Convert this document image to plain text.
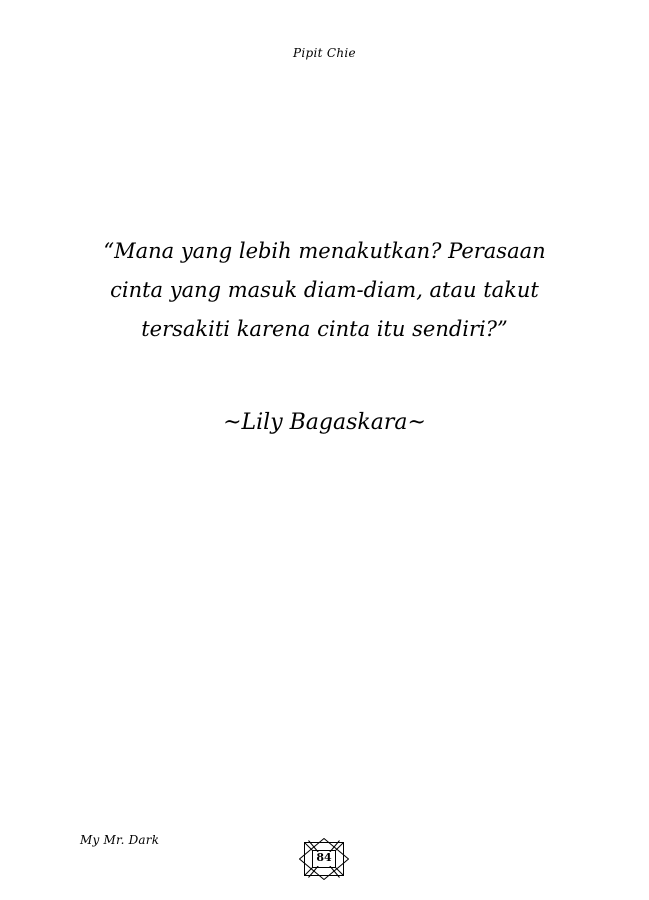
Pipit Chie
“Mana yang lebih menakutkan? Perasaan
cinta yang masuk diam-diam, atau takut
tersakiti karena cinta itu sendiri?”
~Lily Bagaskara~
My Mr. Dark
84
